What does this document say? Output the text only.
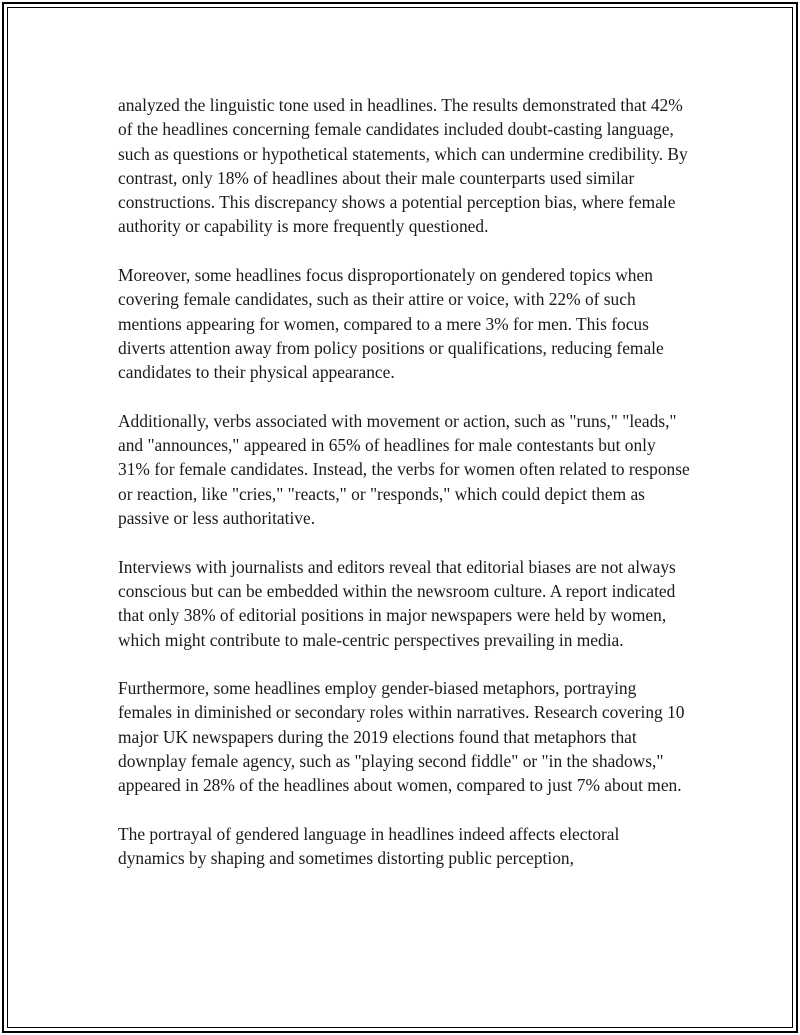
analyzed the linguistic tone used in headlines. The results demonstrated that 42% of the headlines concerning female candidates included doubt-casting language, such as questions or hypothetical statements, which can undermine credibility. By contrast, only 18% of headlines about their male counterparts used similar constructions. This discrepancy shows a potential perception bias, where female authority or capability is more frequently questioned.

Moreover, some headlines focus disproportionately on gendered topics when covering female candidates, such as their attire or voice, with 22% of such mentions appearing for women, compared to a mere 3% for men. This focus diverts attention away from policy positions or qualifications, reducing female candidates to their physical appearance.

Additionally, verbs associated with movement or action, such as "runs," "leads," and "announces," appeared in 65% of headlines for male contestants but only 31% for female candidates. Instead, the verbs for women often related to response or reaction, like "cries," "reacts," or "responds," which could depict them as passive or less authoritative.

Interviews with journalists and editors reveal that editorial biases are not always conscious but can be embedded within the newsroom culture. A report indicated that only 38% of editorial positions in major newspapers were held by women, which might contribute to male-centric perspectives prevailing in media.

Furthermore, some headlines employ gender-biased metaphors, portraying females in diminished or secondary roles within narratives. Research covering 10 major UK newspapers during the 2019 elections found that metaphors that downplay female agency, such as "playing second fiddle" or "in the shadows," appeared in 28% of the headlines about women, compared to just 7% about men.

The portrayal of gendered language in headlines indeed affects electoral dynamics by shaping and sometimes distorting public perception,
